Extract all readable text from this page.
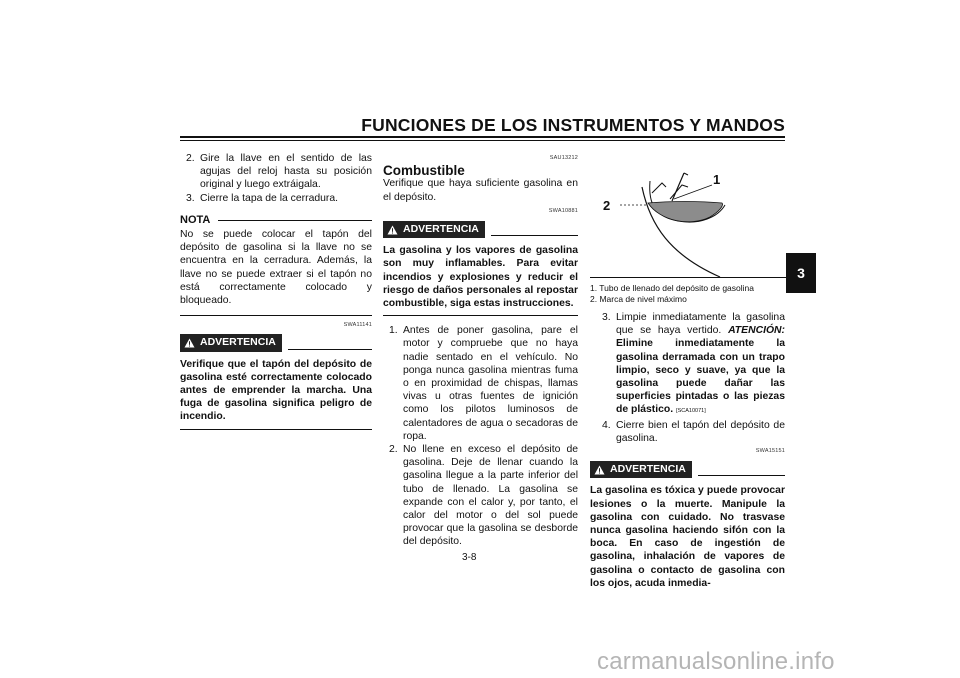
FUNCIONES DE LOS INSTRUMENTOS Y MANDOS
3
2. Gire la llave en el sentido de las agujas del reloj hasta su posición original y luego extráigala.
3. Cierre la tapa de la cerradura.
NOTA
No se puede colocar el tapón del depósito de gasolina si la llave no se encuentra en la cerradura. Además, la llave no se puede extraer si el tapón no está correctamente colocado y bloqueado.
SWA11141
ADVERTENCIA
Verifique que el tapón del depósito de gasolina esté correctamente colocado antes de emprender la marcha. Una fuga de gasolina significa peligro de incendio.
SAU13212
Combustible
Verifique que haya suficiente gasolina en el depósito.
SWA10881
ADVERTENCIA
La gasolina y los vapores de gasolina son muy inflamables. Para evitar incendios y explosiones y reducir el riesgo de daños personales al repostar combustible, siga estas instrucciones.
1. Antes de poner gasolina, pare el motor y compruebe que no haya nadie sentado en el vehículo. No ponga nunca gasolina mientras fuma o en proximidad de chispas, llamas vivas u otras fuentes de ignición como los pilotos luminosos de calentadores de agua o secadoras de ropa.
2. No llene en exceso el depósito de gasolina. Deje de llenar cuando la gasolina llegue a la parte inferior del tubo de llenado. La gasolina se expande con el calor y, por tanto, el calor del motor o del sol puede provocar que la gasolina se desborde del depósito.
1
2
1. Tubo de llenado del depósito de gasolina
2. Marca de nivel máximo
3. Limpie inmediatamente la gasolina que se haya vertido. ATENCIÓN: Elimine inmediatamente la gasolina derramada con un trapo limpio, seco y suave, ya que la gasolina puede dañar las superficies pintadas o las piezas de plástico. [SCA10071]
4. Cierre bien el tapón del depósito de gasolina.
SWA15151
ADVERTENCIA
La gasolina es tóxica y puede provocar lesiones o la muerte. Manipule la gasolina con cuidado. No trasvase nunca gasolina haciendo sifón con la boca. En caso de ingestión de gasolina, inhalación de vapores de gasolina o contacto de gasolina con los ojos, acuda inmedia-
3-8
carmanualsonline.info
